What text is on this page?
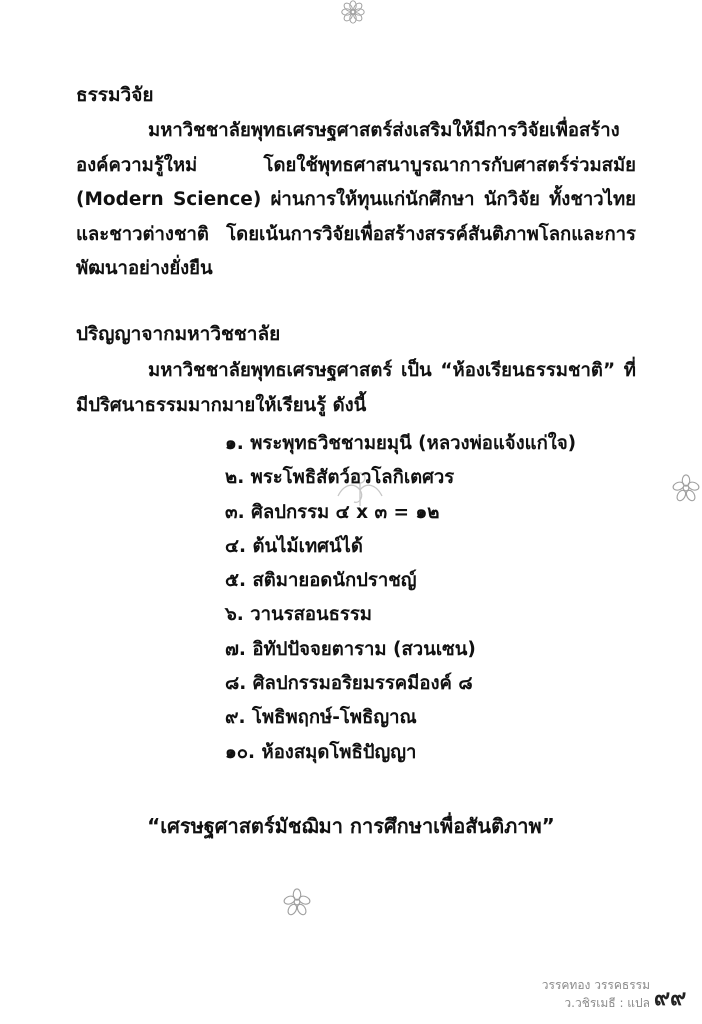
ธรรมวิจัย
มหาวิชชาลัยพุทธเศรษฐศาสตร์ส่งเสริมให้มีการวิจัยเพื่อสร้างองค์ความรู้ใหม่ โดยใช้พุทธศาสนาบูรณาการกับศาสตร์ร่วมสมัย (Modern Science) ผ่านการให้ทุนแก่นักศึกษา นักวิจัย ทั้งชาวไทยและชาวต่างชาติ โดยเน้นการวิจัยเพื่อสร้างสรรค์สันติภาพโลกและการพัฒนาอย่างยั่งยืน
ปริญญาจากมหาวิชชาลัย
มหาวิชชาลัยพุทธเศรษฐศาสตร์ เป็น “ห้องเรียนธรรมชาติ” ที่มีปริศนาธรรมมากมายให้เรียนรู้ ดังนี้
๑. พระพุทธวิชชามยมุนี (หลวงพ่อแจ้งแก่ใจ)
๒. พระโพธิสัตว์อวโลกิเตศวร
๓. ศิลปกรรม ๔ x ๓ = ๑๒
๔. ต้นไม้เทศน์ได้
๕. สติมายอดนักปราชญ์
๖. วานรสอนธรรม
๗. อิทัปปัจจยตาราม (สวนเซน)
๘. ศิลปกรรมอริยมรรคมีองค์ ๘
๙. โพธิพฤกษ์-โพธิญาณ
๑๐. ห้องสมุดโพธิปัญญา
“เศรษฐศาสตร์มัชฌิมา การศึกษาเพื่อสันติภาพ”
วรรคทอง วรรคธรรม
ว.วชิรเมธี : แปล ๙๙
